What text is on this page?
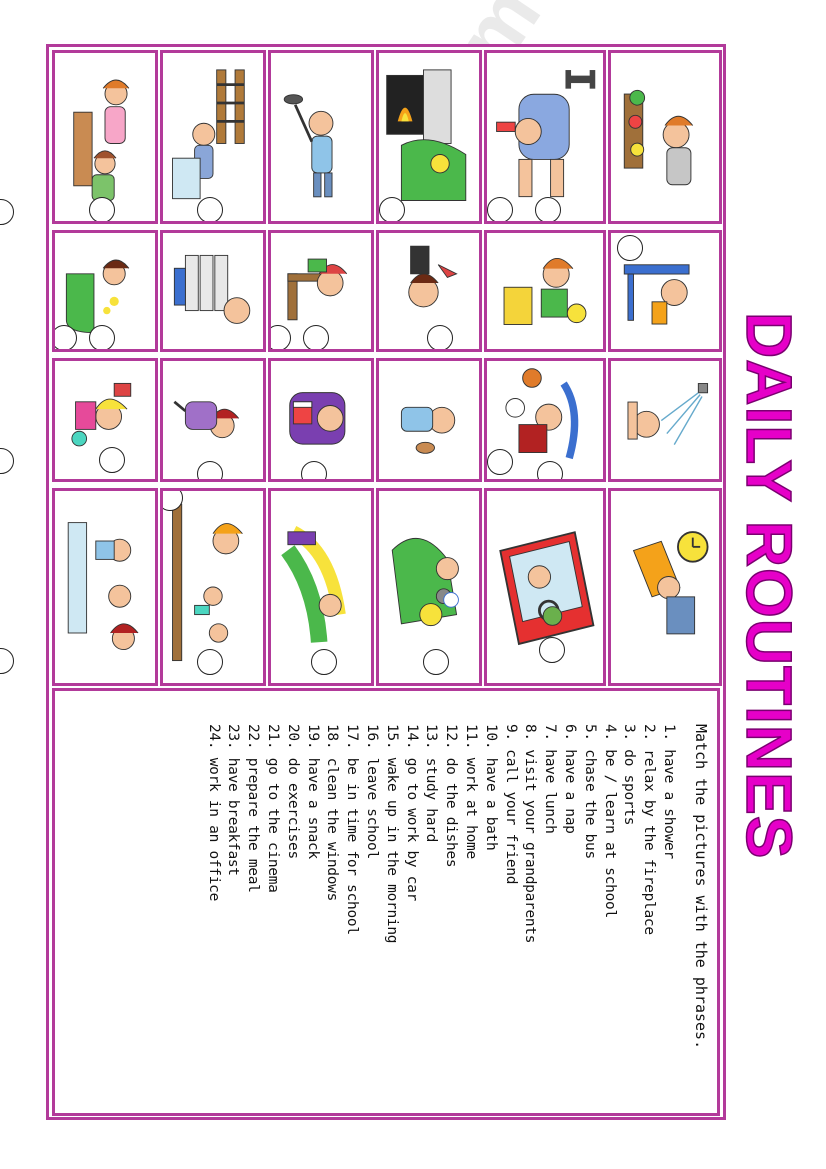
Match the pictures with the phrases.

1. have a shower
2. relax by the fireplace
3. do sports
4. be / learn at school
5. chase the bus
6. have a nap
7. have lunch
8. visit your grandparents
9. call your friend
10. have a bath
11. work at home
12. do the dishes
13. study hard
14. go to work by car
15. wake up in the morning
16. leave school
17. be in time for school
18. clean the windows
19. have a snack
20. do exercises
21. go to the cinema
22. prepare the meal
23. have breakfast
24. work in an office	DAILY ROUTINES
